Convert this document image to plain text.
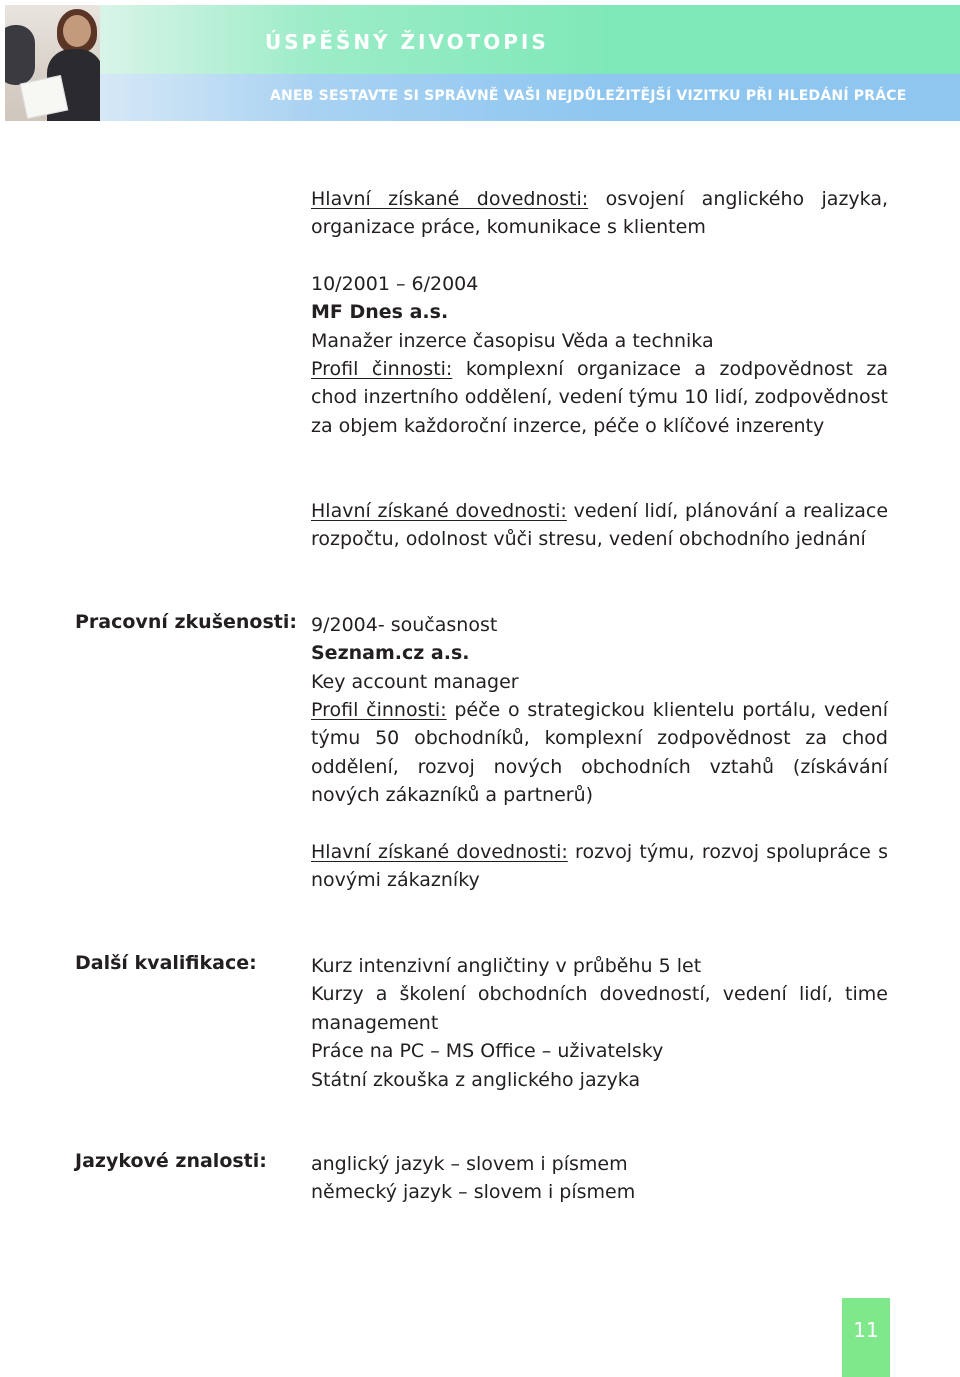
ÚSPĚŠNÝ ŽIVOTOPIS
ANEB SESTAVTE SI SPRÁVNĚ VAŠI NEJDŮLEŽITĚJŠÍ VIZITKU PŘI HLEDÁNÍ PRÁCE
Hlavní získané dovednosti: osvojení anglického jazyka, organizace práce, komunikace s klientem
10/2001 – 6/2004
MF Dnes a.s.
Manažer inzerce časopisu Věda a technika
Profil činnosti: komplexní organizace a zodpovědnost za chod inzertního oddělení, vedení týmu 10 lidí, zodpovědnost za objem každoroční inzerce, péče o klíčové inzerenty
Hlavní získané dovednosti: vedení lidí, plánování a realizace rozpočtu, odolnost vůči stresu, vedení obchodního jednání
Pracovní zkušenosti: 9/2004- současnost
Seznam.cz a.s.
Key account manager
Profil činnosti: péče o strategickou klientelu portálu, vedení týmu 50 obchodníků, komplexní zodpovědnost za chod oddělení, rozvoj nových obchodních vztahů (získávání nových zákazníků a partnerů)
Hlavní získané dovednosti: rozvoj týmu, rozvoj spolupráce s novými zákazníky
Další kvalifikace:	Kurz intenzivní angličtiny v průběhu 5 let
Kurzy a školení obchodních dovedností, vedení lidí, time management
Práce na PC – MS Office – uživatelsky
Státní zkouška z anglického jazyka
Jazykové znalosti: anglický jazyk – slovem i písmem
německý jazyk – slovem i písmem
11
